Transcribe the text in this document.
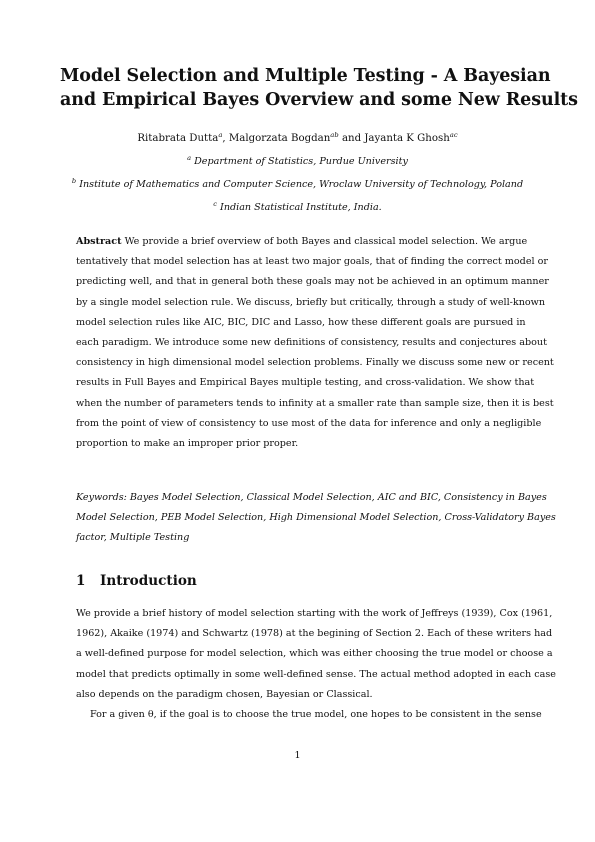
Model Selection and Multiple Testing - A Bayesian
and Empirical Bayes Overview and some New Results
Ritabrata Dutta$^a$, Malgorzata Bogdan$^{ab}$ and Jayanta K Ghosh$^{ac}$
$^a$ Department of Statistics, Purdue University
$^b$ Institute of Mathematics and Computer Science, Wroclaw University of Technology, Poland
$^c$ Indian Statistical Institute, India.
Abstract We provide a brief overview of both Bayes and classical model selection. We argue
tentatively that model selection has at least two major goals, that of finding the correct model or
predicting well, and that in general both these goals may not be achieved in an optimum manner
by a single model selection rule. We discuss, briefly but critically, through a study of well-known
model selection rules like AIC, BIC, DIC and Lasso, how these different goals are pursued in
each paradigm. We introduce some new definitions of consistency, results and conjectures about
consistency in high dimensional model selection problems. Finally we discuss some new or recent
results in Full Bayes and Empirical Bayes multiple testing, and cross-validation. We show that
when the number of parameters tends to infinity at a smaller rate than sample size, then it is best
from the point of view of consistency to use most of the data for inference and only a negligible
proportion to make an improper prior proper.
Keywords: Bayes Model Selection, Classical Model Selection, AIC and BIC, Consistency in Bayes
Model Selection, PEB Model Selection, High Dimensional Model Selection, Cross-Validatory Bayes
factor, Multiple Testing
1 Introduction
We provide a brief history of model selection starting with the work of Jeffreys (1939), Cox (1961,
1962), Akaike (1974) and Schwartz (1978) at the begining of Section 2. Each of these writers had
a well-defined purpose for model selection, which was either choosing the true model or choose a
model that predicts optimally in some well-defined sense. The actual method adopted in each case
also depends on the paradigm chosen, Bayesian or Classical.
For a given θ, if the goal is to choose the true model, one hopes to be consistent in the sense
1
